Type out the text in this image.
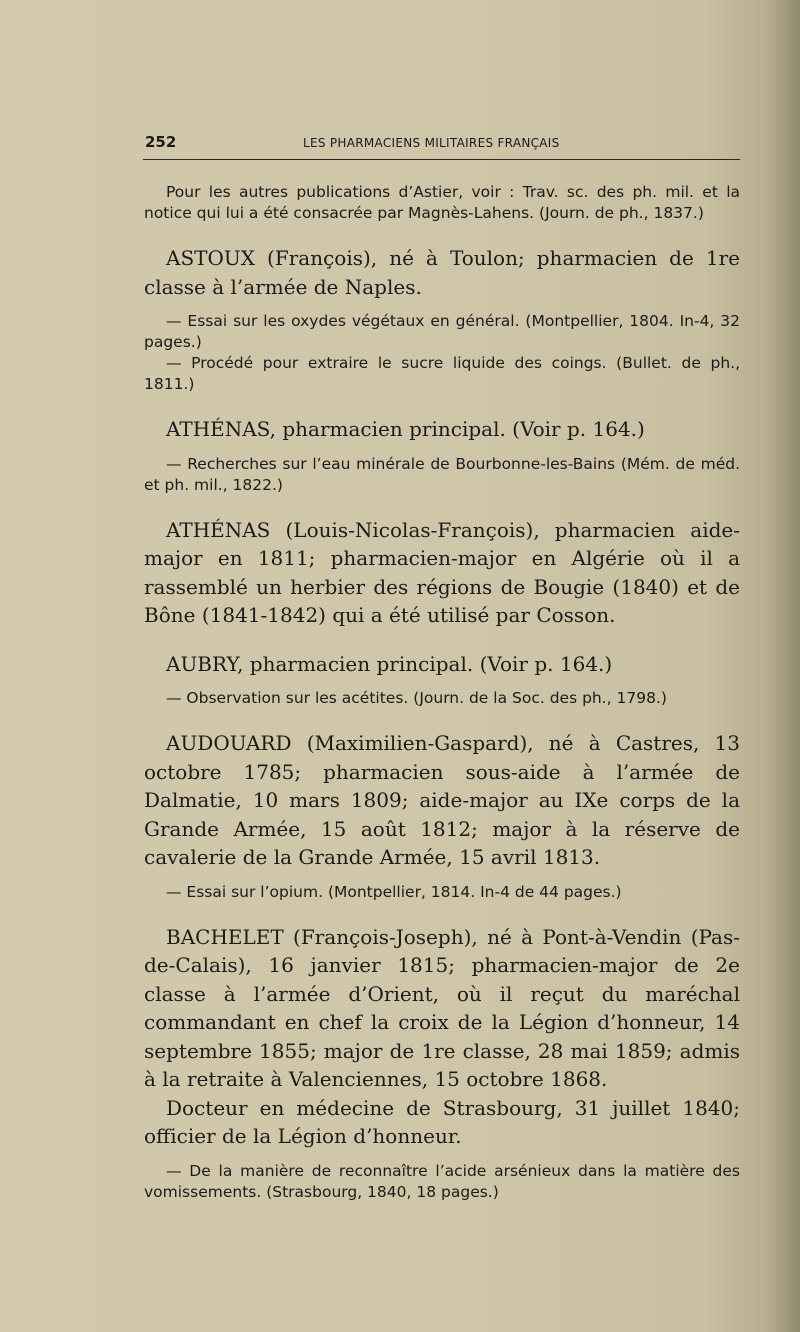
252	LES PHARMACIENS MILITAIRES FRANÇAIS

Pour les autres publications d’Astier, voir : Trav. sc. des ph. mil. et la notice qui lui a été consacrée par Magnès-Lahens. (Journ. de ph., 1837.)

ASTOUX (François), né à Toulon; pharmacien de 1re classe à l’armée de Naples.

— Essai sur les oxydes végétaux en général. (Montpellier, 1804. In-4, 32 pages.)

— Procédé pour extraire le sucre liquide des coings. (Bullet. de ph., 1811.)

ATHÉNAS, pharmacien principal. (Voir p. 164.)

— Recherches sur l’eau minérale de Bourbonne-les-Bains (Mém. de méd. et ph. mil., 1822.)

ATHÉNAS (Louis-Nicolas-François), pharmacien aide-major en 1811; pharmacien-major en Algérie où il a rassemblé un herbier des régions de Bougie (1840) et de Bône (1841-1842) qui a été utilisé par Cosson.

AUBRY, pharmacien principal. (Voir p. 164.)

— Observation sur les acétites. (Journ. de la Soc. des ph., 1798.)

AUDOUARD (Maximilien-Gaspard), né à Castres, 13 octobre 1785; pharmacien sous-aide à l’armée de Dalmatie, 10 mars 1809; aide-major au IXe corps de la Grande Armée, 15 août 1812; major à la réserve de cavalerie de la Grande Armée, 15 avril 1813.

— Essai sur l’opium. (Montpellier, 1814. In-4 de 44 pages.)

BACHELET (François-Joseph), né à Pont-à-Vendin (Pas-de-Calais), 16 janvier 1815; pharmacien-major de 2e classe à l’armée d’Orient, où il reçut du maréchal commandant en chef la croix de la Légion d’honneur, 14 septembre 1855; major de 1re classe, 28 mai 1859; admis à la retraite à Valenciennes, 15 octobre 1868.

Docteur en médecine de Strasbourg, 31 juillet 1840; officier de la Légion d’honneur.

— De la manière de reconnaître l’acide arsénieux dans la matière des vomissements. (Strasbourg, 1840, 18 pages.)
